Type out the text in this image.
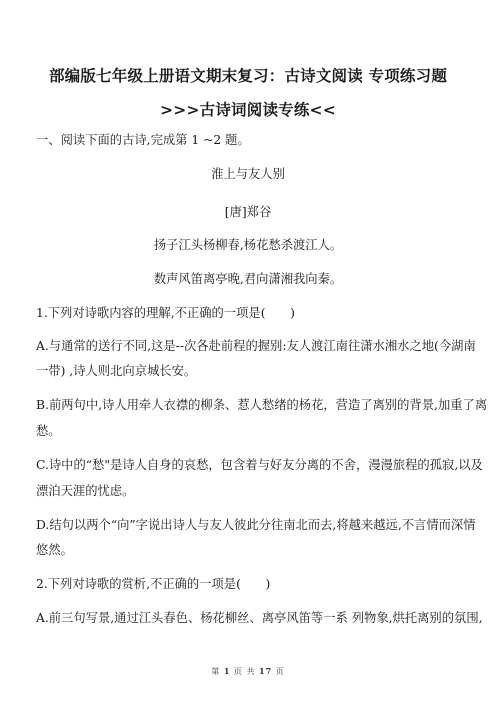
部编版七年级上册语文期末复习：古诗文阅读 专项练习题
>>>古诗词阅读专练<<
一、阅读下面的古诗,完成第 1 ~2 题。
淮上与友人别
[唐]郑谷
扬子江头杨柳春,杨花愁杀渡江人。
数声风笛离亭晚,君向潇湘我向秦。
1.下列对诗歌内容的理解,不正确的一项是(　　)
A.与通常的送行不同,这是--次各赴前程的握别:友人渡江南往潇水湘水之地(今湖南
一带) ,诗人则北向京城长安。
B.前两句中,诗人用牵人衣襟的柳条、惹人愁绪的杨花，营造了离别的背景,加重了离
愁。
C.诗中的“愁"是诗人自身的哀愁，包含着与好友分离的不舍，漫漫旅程的孤寂,以及
漂泊天涯的忧虑。
D.结句以两个“向”字说出诗人与友人彼此分往南北而去,将越来越远,不言情而深情
悠然。
2.下列对诗歌的赏析,不正确的一项是(　　)
A.前三句写景,通过江头春色、杨花柳丝、离亭风笛等一系 列物象,烘托离别的氛围,
第 1 页 共 17 页
